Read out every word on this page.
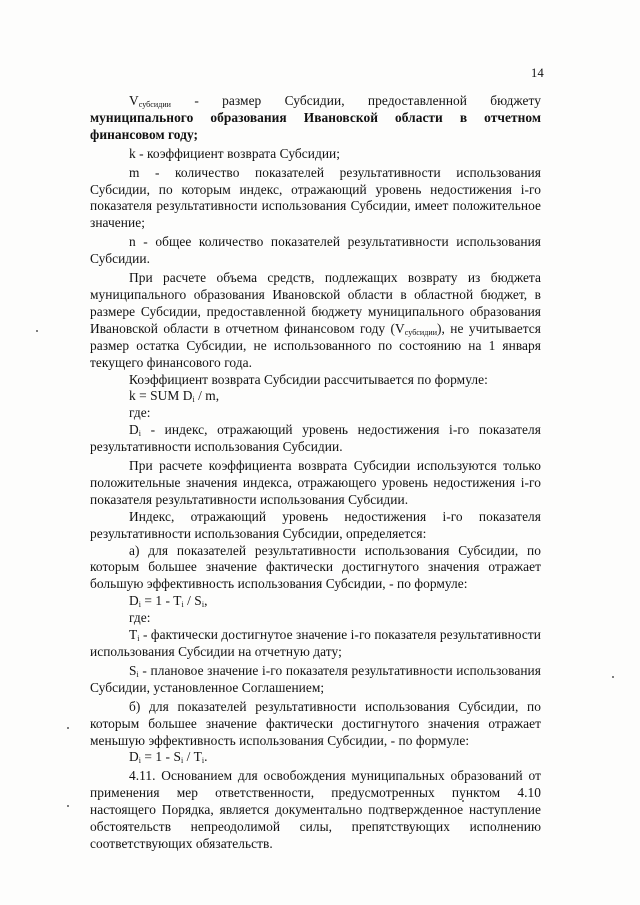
14

$V_{субсидии}$ - размер Субсидии, предоставленной бюджету муниципального образования Ивановской области в отчетном финансовом году;

k - коэффициент возврата Субсидии;

m - количество показателей результативности использования Субсидии, по которым индекс, отражающий уровень недостижения i-го показателя результативности использования Субсидии, имеет положительное значение;

n - общее количество показателей результативности использования Субсидии.

При расчете объема средств, подлежащих возврату из бюджета муниципального образования Ивановской области в областной бюджет, в размере Субсидии, предоставленной бюджету муниципального образования Ивановской области в отчетном финансовом году $(V_{субсидии})$, не учитывается размер остатка Субсидии, не использованного по состоянию на 1 января текущего финансового года.

Коэффициент возврата Субсидии рассчитывается по формуле:

k = SUM $D_i$ / m,

где:

$D_i$ - индекс, отражающий уровень недостижения i-го показателя результативности использования Субсидии.

При расчете коэффициента возврата Субсидии используются только положительные значения индекса, отражающего уровень недостижения i-го показателя результативности использования Субсидии.

Индекс, отражающий уровень недостижения i-го показателя результативности использования Субсидии, определяется:

а) для показателей результативности использования Субсидии, по которым большее значение фактически достигнутого значения отражает большую эффективность использования Субсидии, - по формуле:

$D_i = 1 - T_i / S_i$,

где:

$T_i$ - фактически достигнутое значение i-го показателя результативности использования Субсидии на отчетную дату;

$S_i$ - плановое значение i-го показателя результативности использования Субсидии, установленное Соглашением;

б) для показателей результативности использования Субсидии, по которым большее значение фактически достигнутого значения отражает меньшую эффективность использования Субсидии, - по формуле:

$D_i = 1 - S_i / T_i$.

4.11. Основанием для освобождения муниципальных образований от применения мер ответственности, предусмотренных пунктом 4.10 настоящего Порядка, является документально подтвержденное наступление обстоятельств непреодолимой силы, препятствующих исполнению соответствующих обязательств.
